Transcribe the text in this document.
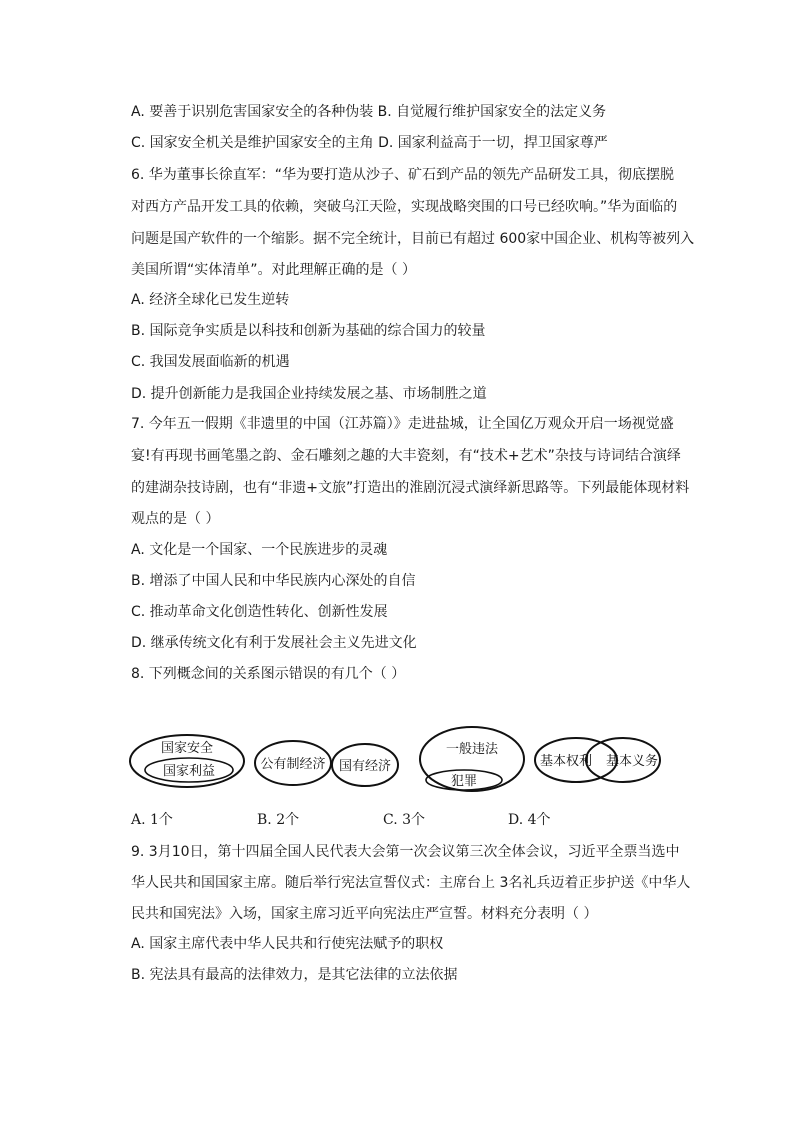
A. 要善于识别危害国家安全的各种伪装 B. 自觉履行维护国家安全的法定义务
C. 国家安全机关是维护国家安全的主角 D. 国家利益高于一切，捍卫国家尊严
6. 华为董事长徐直军：“华为要打造从沙子、矿石到产品的领先产品研发工具，彻底摆脱
对西方产品开发工具的依赖，突破乌江天险，实现战略突围的口号已经吹响。”华为面临的
问题是国产软件的一个缩影。据不完全统计，目前已有超过 600家中国企业、机构等被列入
美国所谓“实体清单”。对此理解正确的是（ ）
A. 经济全球化已发生逆转
B. 国际竞争实质是以科技和创新为基础的综合国力的较量
C. 我国发展面临新的机遇
D. 提升创新能力是我国企业持续发展之基、市场制胜之道
7. 今年五一假期《非遗里的中国（江苏篇）》走进盐城，让全国亿万观众开启一场视觉盛
宴!有再现书画笔墨之韵、金石雕刻之趣的大丰瓷刻，有“技术+艺术”杂技与诗词结合演绎
的建湖杂技诗剧，也有“非遗+文旅”打造出的淮剧沉浸式演绎新思路等。下列最能体现材料
观点的是（ ）
A. 文化是一个国家、一个民族进步的灵魂
B. 增添了中国人民和中华民族内心深处的自信
C. 推动革命文化创造性转化、创新性发展
D. 继承传统文化有利于发展社会主义先进文化
8. 下列概念间的关系图示错误的有几个（ ）
国家安全
国家利益	公有制经济 国有经济
一般违法
犯罪
基本权利 基本义务
A. 1个	B. 2个	C. 3个	D. 4个
9. 3月10日，第十四届全国人民代表大会第一次会议第三次全体会议，习近平全票当选中
华人民共和国国家主席。随后举行宪法宣誓仪式：主席台上 3名礼兵迈着正步护送《中华人
民共和国宪法》入场，国家主席习近平向宪法庄严宣誓。材料充分表明（ ）
A. 国家主席代表中华人民共和行使宪法赋予的职权
B. 宪法具有最高的法律效力，是其它法律的立法依据
